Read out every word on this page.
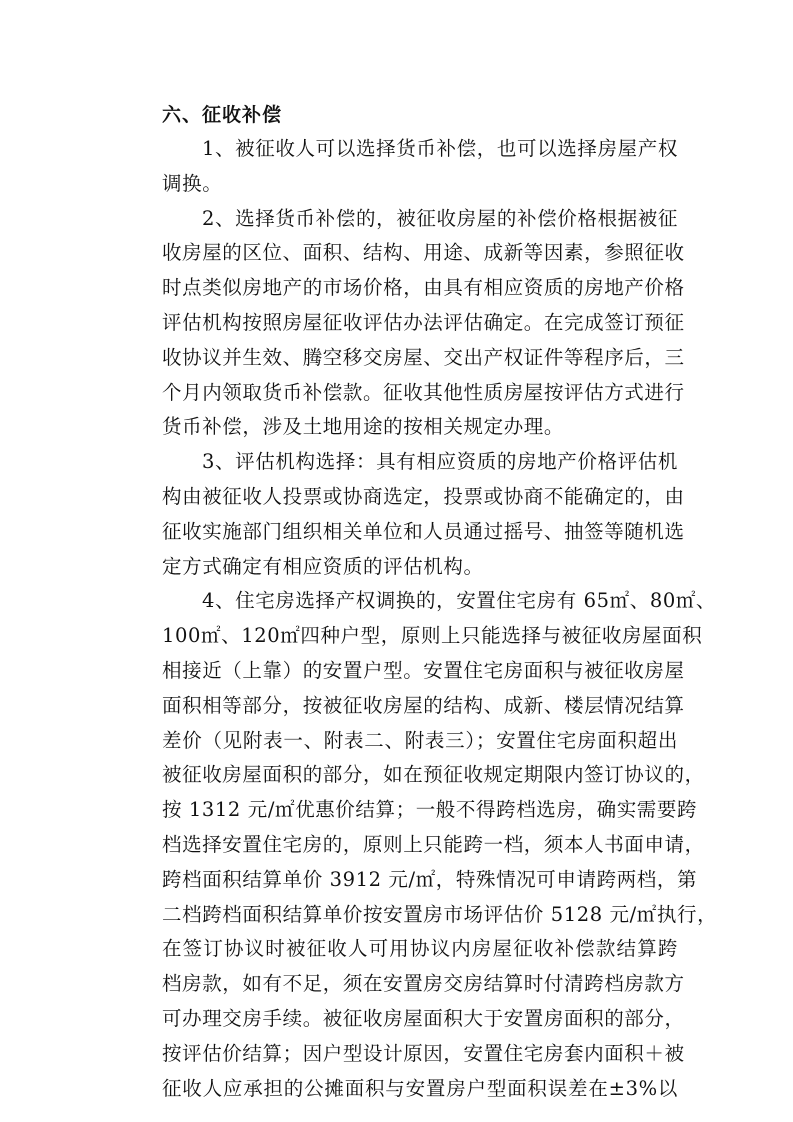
六、征收补偿
1、被征收人可以选择货币补偿，也可以选择房屋产权
调换。
2、选择货币补偿的，被征收房屋的补偿价格根据被征
收房屋的区位、面积、结构、用途、成新等因素，参照征收
时点类似房地产的市场价格，由具有相应资质的房地产价格
评估机构按照房屋征收评估办法评估确定。在完成签订预征
收协议并生效、腾空移交房屋、交出产权证件等程序后，三
个月内领取货币补偿款。征收其他性质房屋按评估方式进行
货币补偿，涉及土地用途的按相关规定办理。
3、评估机构选择：具有相应资质的房地产价格评估机
构由被征收人投票或协商选定，投票或协商不能确定的，由
征收实施部门组织相关单位和人员通过摇号、抽签等随机选
定方式确定有相应资质的评估机构。
4、住宅房选择产权调换的，安置住宅房有 65㎡、80㎡、
100㎡、120㎡四种户型，原则上只能选择与被征收房屋面积
相接近（上靠）的安置户型。安置住宅房面积与被征收房屋
面积相等部分，按被征收房屋的结构、成新、楼层情况结算
差价（见附表一、附表二、附表三）；安置住宅房面积超出
被征收房屋面积的部分，如在预征收规定期限内签订协议的，
按 1312 元/㎡优惠价结算；一般不得跨档选房，确实需要跨
档选择安置住宅房的，原则上只能跨一档，须本人书面申请，
跨档面积结算单价 3912 元/㎡，特殊情况可申请跨两档，第
二档跨档面积结算单价按安置房市场评估价 5128 元/㎡执行，
在签订协议时被征收人可用协议内房屋征收补偿款结算跨
档房款，如有不足，须在安置房交房结算时付清跨档房款方
可办理交房手续。被征收房屋面积大于安置房面积的部分，
按评估价结算；因户型设计原因，安置住宅房套内面积＋被
征收人应承担的公摊面积与安置房户型面积误差在±3%以
